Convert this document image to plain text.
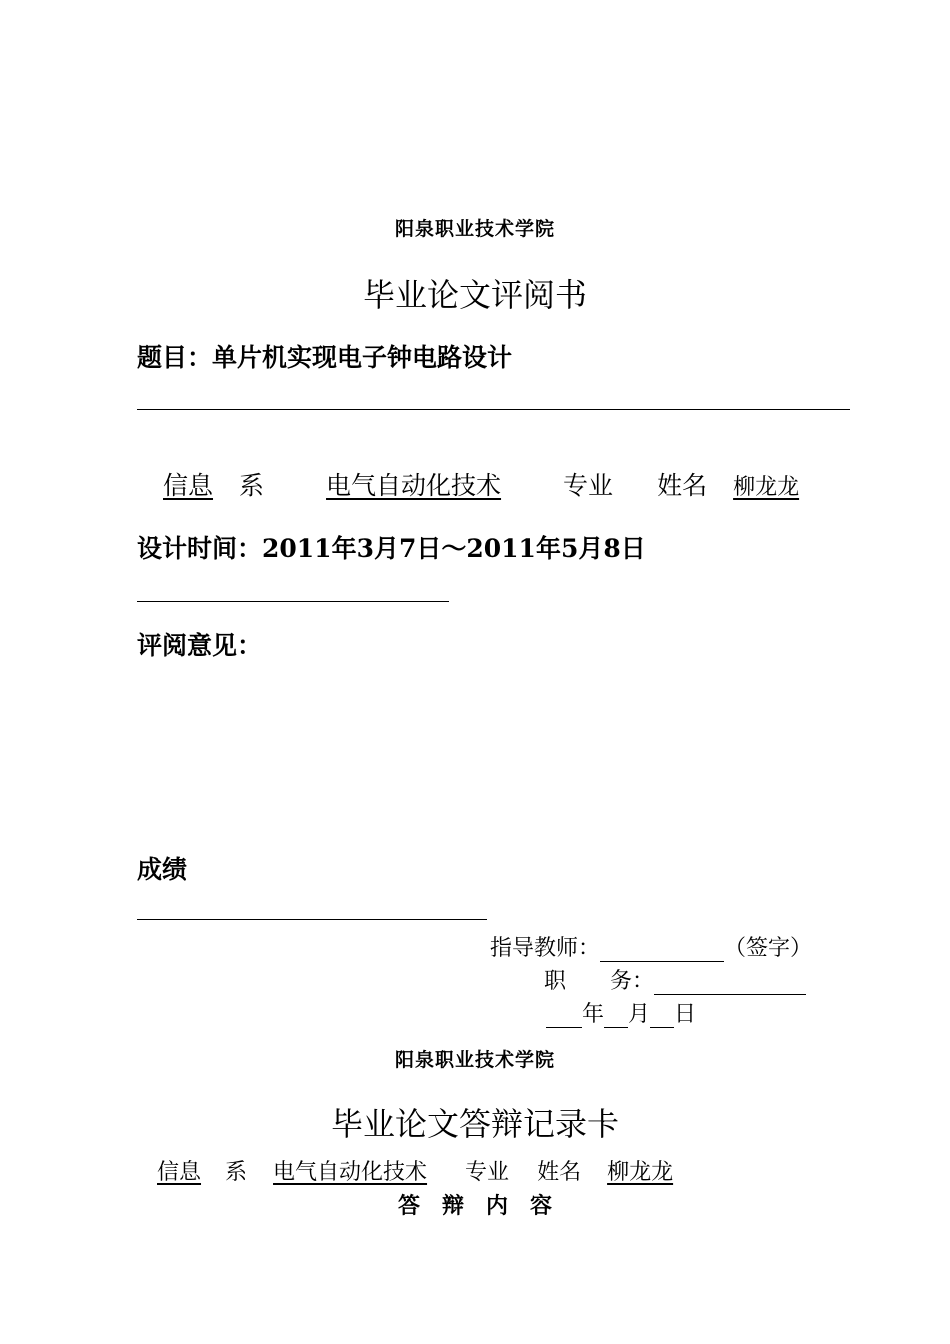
阳泉职业技术学院
毕业论文评阅书
题目：单片机实现电子钟电路设计
信息 系 电气自动化技术 专业 姓名 柳龙龙
设计时间：2011年3月7日～2011年5月8日
评阅意见：
成绩
指导教师：	（签字）
职　　务：
年 月 日
阳泉职业技术学院
毕业论文答辩记录卡
信息 系 电气自动化技术 专业 姓名 柳龙龙
答　辩　内　容
